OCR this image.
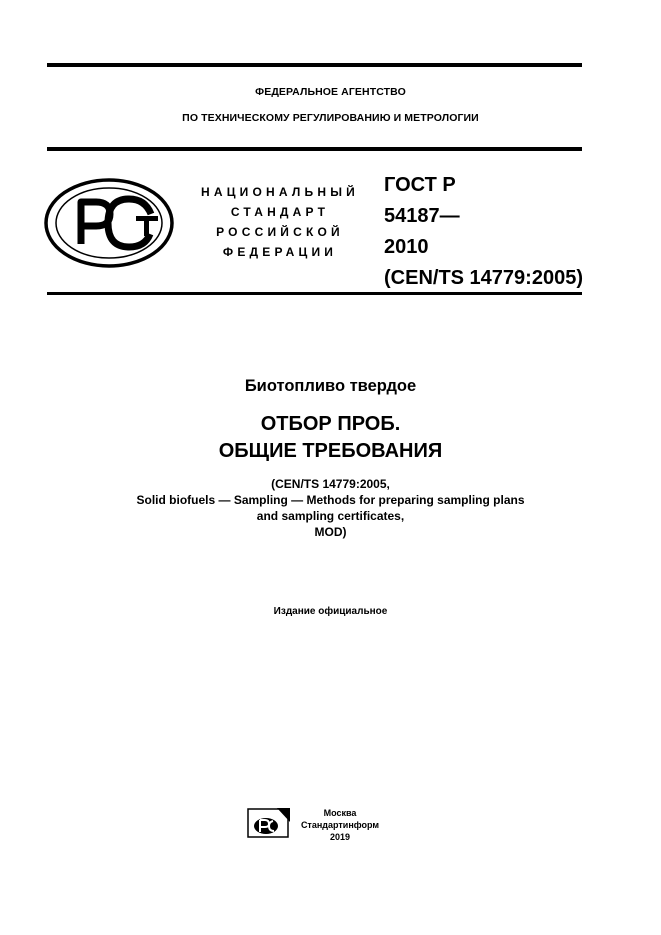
ФЕДЕРАЛЬНОЕ АГЕНТСТВО
ПО ТЕХНИЧЕСКОМУ РЕГУЛИРОВАНИЮ И МЕТРОЛОГИИ
НАЦИОНАЛЬНЫЙ
СТАНДАРТ
РОССИЙСКОЙ
ФЕДЕРАЦИИ
ГОСТ Р
54187—
2010
(CEN/TS 14779:2005)
Биотопливо твердое
ОТБОР ПРОБ.
ОБЩИЕ ТРЕБОВАНИЯ
(CEN/TS 14779:2005,
Solid biofuels — Sampling — Methods for preparing sampling plans
and sampling certificates,
MOD)
Издание официальное
Москва
Стандартинформ
2019
